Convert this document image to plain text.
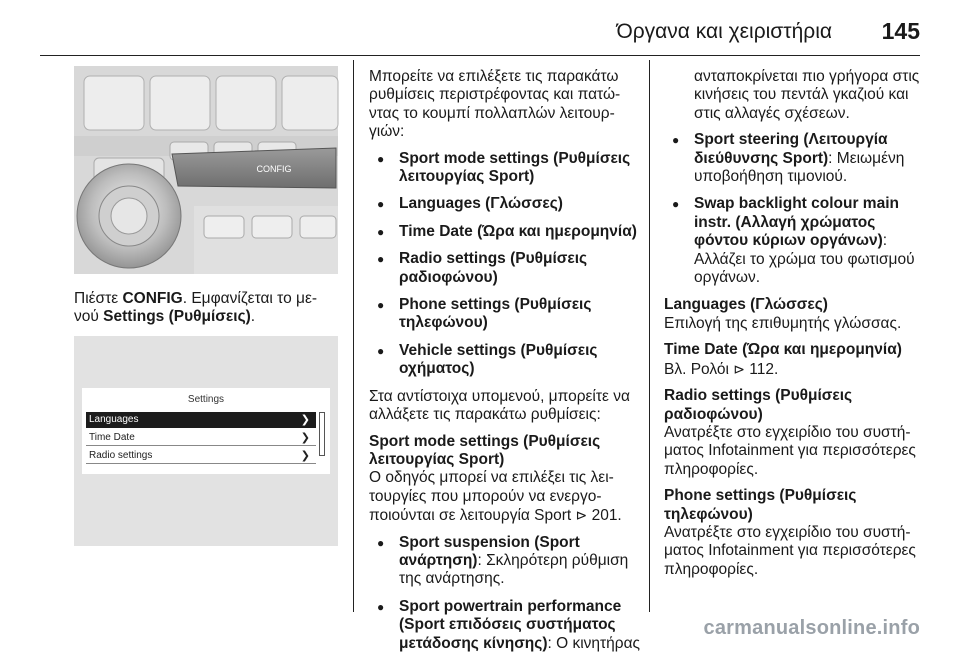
Όργανα και χειριστήρια 145
CONFIG

Πιέστε CONFIG. Εμφανίζεται το με‑ νού Settings (Ρυθμίσεις).

Settings
Languages	❯
Time Date	❯
Radio settings	❯

Μπορείτε να επιλέξετε τις παρακάτω ρυθμίσεις περιστρέφοντας και πατώ‑ ντας το κουμπί πολλαπλών λειτουρ‑ γιών:

● Sport mode settings (Ρυθμίσεις λειτουργίας Sport)
● Languages (Γλώσσες)
● Time Date (Ώρα και ημερομηνία)
● Radio settings (Ρυθμίσεις ραδιοφώνου)
● Phone settings (Ρυθμίσεις τηλεφώνου)
● Vehicle settings (Ρυθμίσεις οχήματος)

Στα αντίστοιχα υπομενού, μπορείτε να αλλάξετε τις παρακάτω ρυθμίσεις:

Sport mode settings (Ρυθμίσεις λειτουργίας Sport)

Ο οδηγός μπορεί να επιλέξει τις λει‑ τουργίες που μπορούν να ενεργο‑ ποιούνται σε λειτουργία Sport ⊳ 201.

● Sport suspension (Sport ανάρτηση): Σκληρότερη ρύθμιση της ανάρτησης.
● Sport powertrain performance (Sport επιδόσεις συστήματος μετάδοσης κίνησης): Ο κινητήρας

ανταποκρίνεται πιο γρήγορα στις κινήσεις του πεντάλ γκαζιού και στις αλλαγές σχέσεων.

● Sport steering (Λειτουργία διεύθυνσης Sport): Μειωμένη υποβοήθηση τιμονιού.
● Swap backlight colour main instr. (Αλλαγή χρώματος φόντου κύριων οργάνων): Αλλάζει το χρώμα του φωτισμού οργάνων.

Languages (Γλώσσες)

Επιλογή της επιθυμητής γλώσσας.

Time Date (Ώρα και ημερομηνία)

Βλ. Ρολόι ⊳ 112.

Radio settings (Ρυθμίσεις ραδιοφώνου)

Ανατρέξτε στο εγχειρίδιο του συστή‑ ματος Infotainment για περισσότερες πληροφορίες.

Phone settings (Ρυθμίσεις τηλεφώνου)

Ανατρέξτε στο εγχειρίδιο του συστή‑ ματος Infotainment για περισσότερες πληροφορίες.

carmanualsonline.info
